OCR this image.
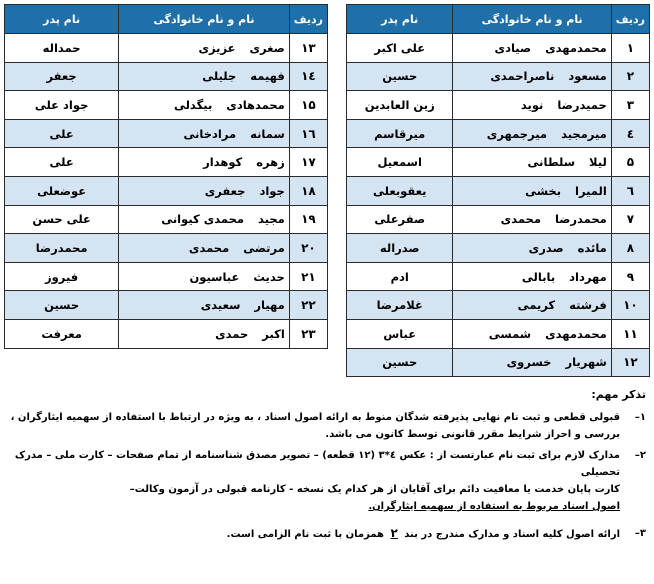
ردیف	نام و نام خانوادگی	نام پدر
۱	محمدمهدیصیادی	علی اکبر
۲	مسعودناصراحمدی	حسین
۳	حمیدرضانوید	زین العابدین
٤	میرمجیدمیرجمهری	میرقاسم
۵	لیلاسلطانی	اسمعیل
٦	المیرابخشی	یعقوبعلی
۷	محمدرضامحمدی	صفرعلی
۸	مائدهصدری	صدراله
۹	مهردادبابالی	ادم
۱۰	فرشتهکریمی	غلامرضا
۱۱	محمدمهدیشمسی	عباس
۱۲	شهریارخسروی	حسین
ردیف	نام و نام خانوادگی	نام پدر
۱۳	صغریعزیزی	حمداله
١٤	فهیمهجلیلی	جعفر
۱۵	محمدهادیبیگدلی	جواد علی
١٦	سمانهمرادخانی	علی
۱۷	زهرهکوهدار	علی
۱۸	جوادجعفری	عوضعلی
۱۹	مجیدمحمدی کیوانی	علی حسن
۲۰	مرتضیمحمدی	محمدرضا
۲۱	حدیثعباسیون	فیروز
۲۲	مهیارسعیدی	حسین
۲۳	اکبرحمدی	معرفت
تذکر مهم:
۱–
قبولی قطعی و ثبت نام نهایی پذیرفته شدگان منوط به ارائه اصول اسناد ، به ویژه در ارتباط با استفاده از سهمیه ایثارگران ،
بررسی و احراز شرایط مقرر قانونی توسط کانون می باشد.
۲–
مدارک لازم برای ثبت نام عبارتست از : عکس ٤*۳ (۱۲ قطعه) – تصویر مصدق شناسنامه از تمام صفحات – کارت ملی – مدرک تحصیلی
کارت پایان خدمت یا معافیت دائم برای آقایان از هر کدام یک نسخه - کارنامه قبولی در آزمون وکالت–
اصول اسناد مربوط به استفاده از سهمیه ایثارگران.
۳–
ارائه اصول کلیه اسناد و مدارک مندرج در بند ۲ همزمان با ثبت نام الزامی است.
